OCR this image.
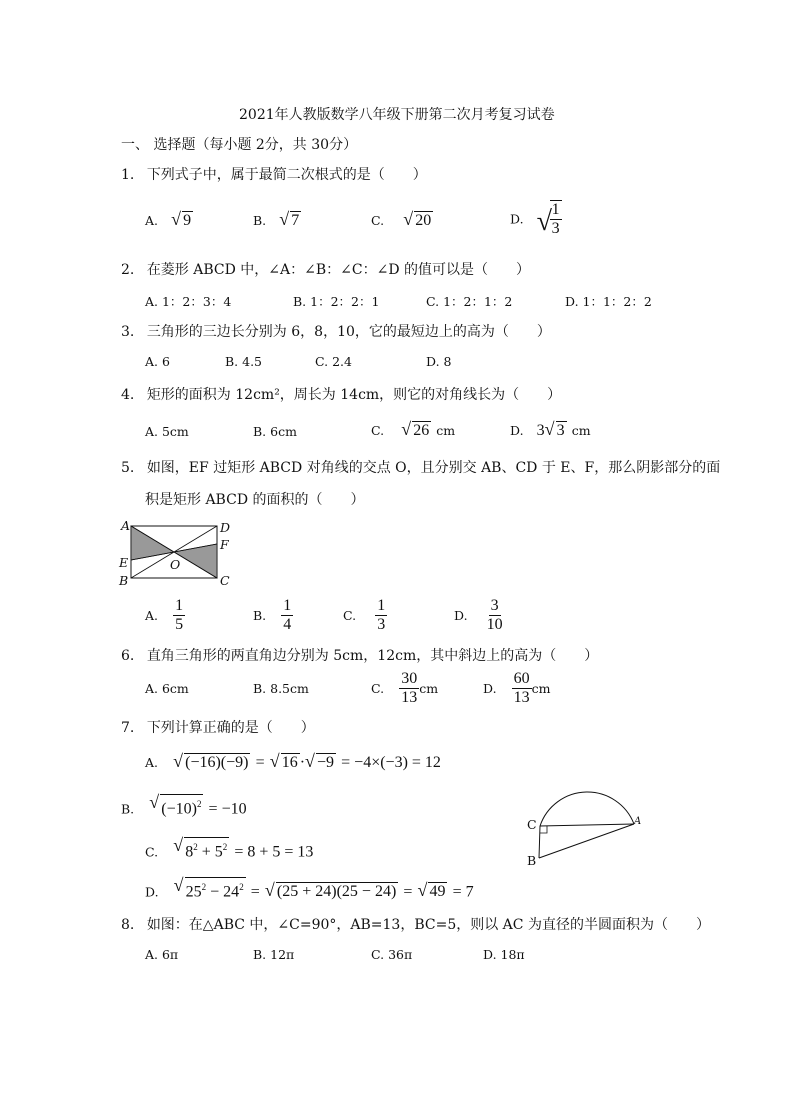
2021年人教版数学八年级下册第二次月考复习试卷
一、 选择题（每小题 2分，共 30分）
1. 下列式子中，属于最简二次根式的是（　　）
A. √ 9	B. √ 7	C. √ 20	D. √
$\frac{1}{3}$
2. 在菱形 ABCD 中，∠A：∠B：∠C：∠D 的值可以是（　　）
A. 1：2：3：4	B. 1：2：2：1	C. 1：2：1：2	D. 1：1：2：2
3. 三角形的三边长分别为 6，8，10，它的最短边上的高为（　　）
A. 6	B. 4.5	C. 2.4	D. 8
4. 矩形的面积为 12cm²，周长为 14cm，则它的对角线长为（　　）
A. 5cm	B. 6cm	C. √ 26 cm	D. 3 √ 3 cm
5. 如图，EF 过矩形 ABCD 对角线的交点 O，且分别交 AB、CD 于 E、F，那么阴影部分的面
积是矩形 ABCD 的面积的（　　）
A	D
F
E	O
B	C
A. $\frac{1}{5}$	B. $\frac{1}{4}$	C. $\frac{1}{3}$	D. $\frac{3}{10}$
6. 直角三角形的两直角边分别为 5cm，12cm，其中斜边上的高为（　　）
A. 6cm	B. 8.5cm	C. $\frac{30}{13}$ cm	D. $\frac{60}{13}$ cm
7. 下列计算正确的是（　　）
A. √ (−16)(−9) = √ 16 · √ −9 = −4×(−3) = 12
B. √ $(-10)^2 = -10$
C. √ $8^2 + 5^2 = 8 + 5 = 13$
D. √ $25^2 - 24^2$ = √ (25 + 24)(25 − 24) = √ 49 = 7
C	A
B
8. 如图：在△ABC 中，∠C=90°，AB=13，BC=5，则以 AC 为直径的半圆面积为（　　）
A. 6π	B. 12π	C. 36π	D. 18π
